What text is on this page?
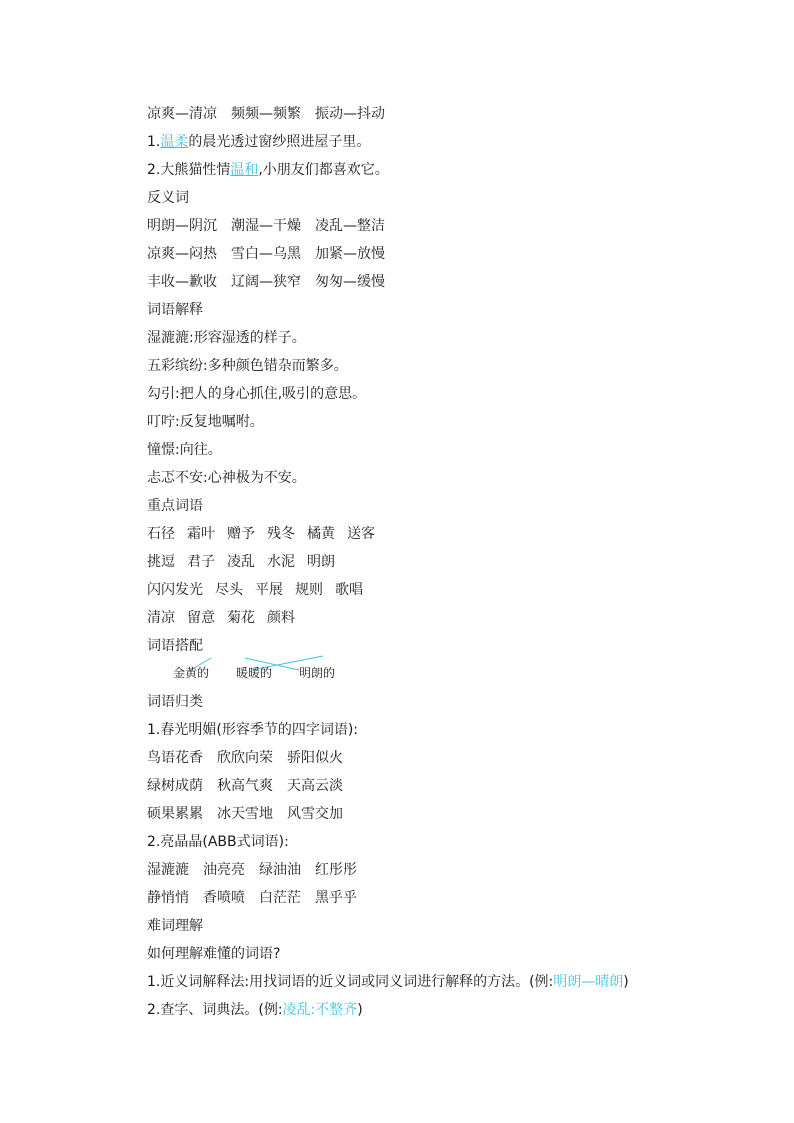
凉爽—清凉 频频—频繁 振动—抖动
1.温柔的晨光透过窗纱照进屋子里。
2.大熊猫性情温和,小朋友们都喜欢它。
反义词
明朗—阴沉 潮湿—干燥 凌乱—整洁
凉爽—闷热 雪白—乌黑 加紧—放慢
丰收—歉收 辽阔—狭窄 匆匆—缓慢
词语解释
湿漉漉:形容湿透的样子。
五彩缤纷:多种颜色错杂而繁多。
勾引:把人的身心抓住,吸引的意思。
叮咛:反复地嘱咐。
憧憬:向往。
忐忑不安:心神极为不安。
重点词语
石径 霜叶 赠予 残冬 橘黄 送客
挑逗 君子 凌乱 水泥 明朗
闪闪发光 尽头 平展 规则 歌唱
清凉 留意 菊花 颜料
词语搭配
金黄的 暖暖的 明朗的
词语归类
1.春光明媚(形容季节的四字词语):
鸟语花香 欣欣向荣 骄阳似火
绿树成荫 秋高气爽 天高云淡
硕果累累 冰天雪地 风雪交加
2.亮晶晶(ABB式词语):
湿漉漉 油亮亮 绿油油 红彤彤
静悄悄 香喷喷 白茫茫 黑乎乎
难词理解
如何理解难懂的词语?
1.近义词解释法:用找词语的近义词或同义词进行解释的方法。(例:明朗—晴朗)
2.查字、词典法。(例:凌乱:不整齐)
